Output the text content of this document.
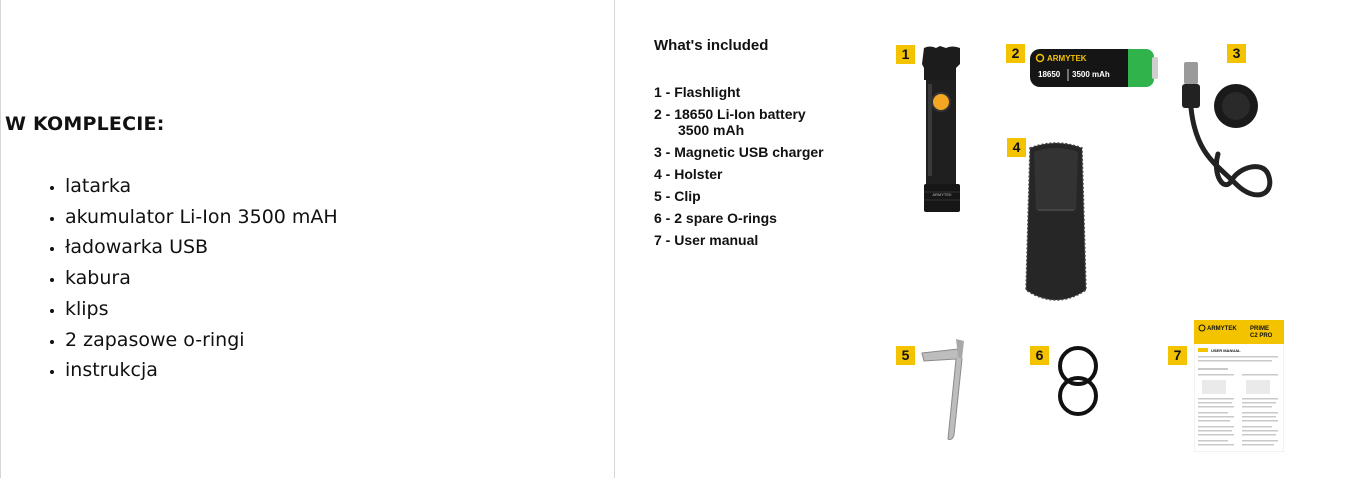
W KOMPLECIE:
• latarka
• akumulator Li-Ion 3500 mAH
• ładowarka USB
• kabura
• klips
• 2 zapasowe o-ringi
• instrukcja
What's included
1 - Flashlight
2 - 18650 Li-Ion battery
3500 mAh
3 - Magnetic USB charger
4 - Holster
5 - Clip
6 - 2 spare O-rings
7 - User manual
1	2	3
4
5	6	7
ARMYTEK
ARMYTEK
18650 3500 mAh
ARMYTEK PRIME
C2 PRO
USER MANUAL
